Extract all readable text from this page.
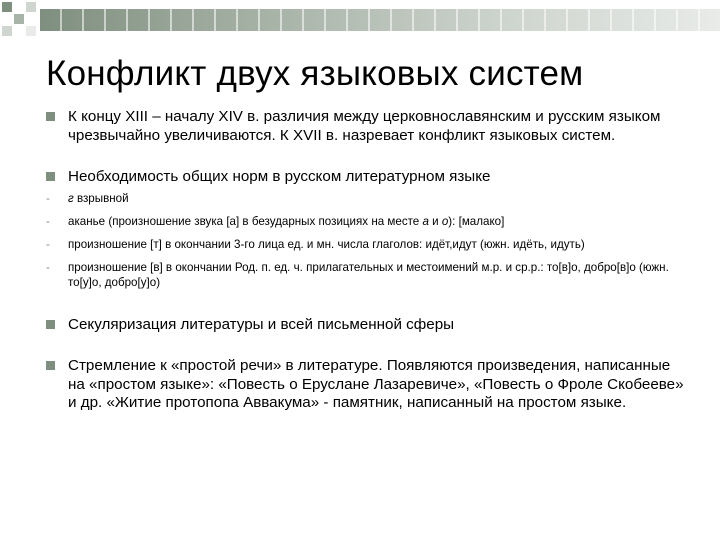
Конфликт двух языковых систем

К концу XIII – началу XIV в. различия между церковнославянским и русским языком чрезвычайно увеличиваются. К XVII в. назревает конфликт языковых систем.

Необходимость общих норм в русском литературном языке

- г взрывной

- аканье (произношение звука [а] в безударных позициях на месте а и о): [малако]

- произношение [т] в окончании 3-го лица ед. и мн. числа глаголов: идёт,идут (южн. идёть, идуть)

- произношение [в] в окончании Род. п. ед. ч. прилагательных и местоимений м.р. и ср.р.: то[в]о, добро[в]о (южн. то[у]о, добро[у]о)

Секуляризация литературы и всей письменной сферы

Стремление к «простой речи» в литературе. Появляются произведения, написанные на «простом языке»: «Повесть о Еруслане Лазаревиче», «Повесть о Фроле Скобееве» и др. «Житие протопопа Аввакума» - памятник, написанный на простом языке.
